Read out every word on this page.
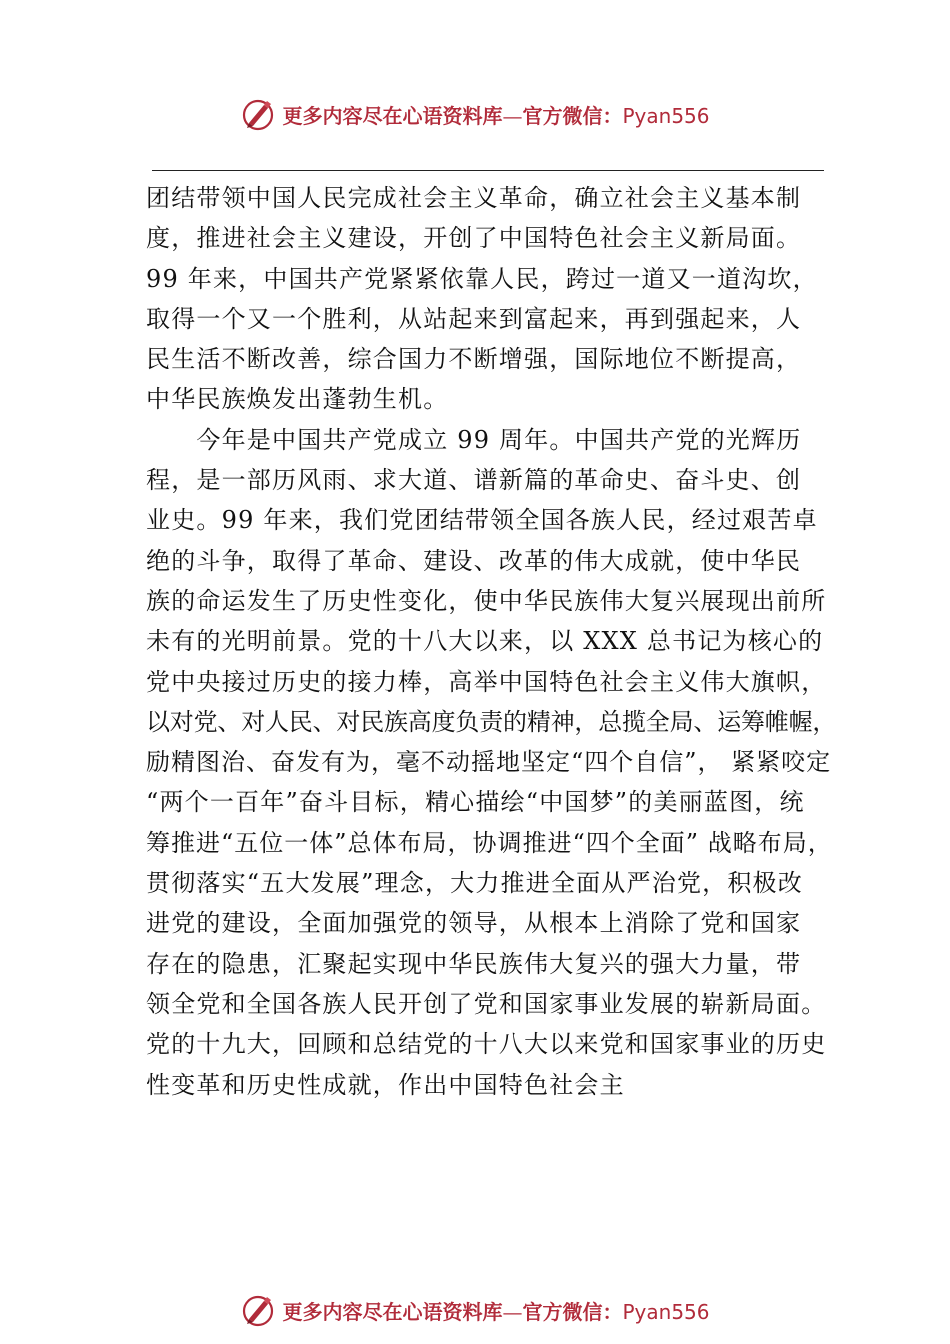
更多内容尽在心语资料库—官方微信：Pyan556
团结带领中国人民完成社会主义革命，确立社会主义基本制
度，推进社会主义建设，开创了中国特色社会主义新局面。
99 年来，中国共产党紧紧依靠人民，跨过一道又一道沟坎，
取得一个又一个胜利，从站起来到富起来，再到强起来，人
民生活不断改善，综合国力不断增强，国际地位不断提高，
中华民族焕发出蓬勃生机。
　　今年是中国共产党成立 99 周年。中国共产党的光辉历
程，是一部历风雨、求大道、谱新篇的革命史、奋斗史、创
业史。99 年来，我们党团结带领全国各族人民，经过艰苦卓
绝的斗争，取得了革命、建设、改革的伟大成就，使中华民
族的命运发生了历史性变化，使中华民族伟大复兴展现出前所
未有的光明前景。党的十八大以来，以 XXX 总书记为核心的
党中央接过历史的接力棒，高举中国特色社会主义伟大旗帜，
以对党、对人民、对民族高度负责的精神，总揽全局、运筹帷幄，
励精图治、奋发有为，毫不动摇地坚定“四个自信”， 紧紧咬定
“两个一百年”奋斗目标，精心描绘“中国梦”的美丽蓝图，统
筹推进“五位一体”总体布局，协调推进“四个全面” 战略布局，
贯彻落实“五大发展”理念，大力推进全面从严治党，积极改
进党的建设，全面加强党的领导，从根本上消除了党和国家
存在的隐患，汇聚起实现中华民族伟大复兴的强大力量，带
领全党和全国各族人民开创了党和国家事业发展的崭新局面。
党的十九大，回顾和总结党的十八大以来党和国家事业的历史
性变革和历史性成就，作出中国特色社会主
更多内容尽在心语资料库—官方微信：Pyan556
